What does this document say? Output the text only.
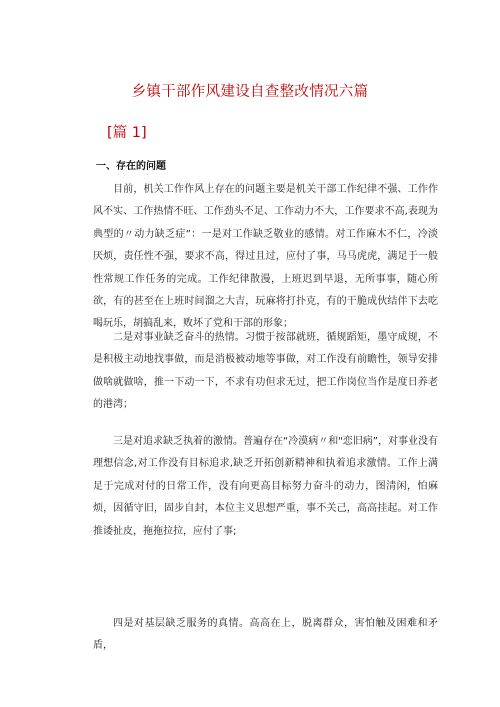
乡镇干部作风建设自查整改情况六篇
[篇 1]
一、存在的问题

目前，机关工作作风上存在的问题主要是机关干部工作纪律不强、工作作风不实、工作热情不旺、工作劲头不足、工作动力不大，工作要求不高,表现为典型的〃动力缺乏症”：一是对工作缺乏敬业的感情。对工作麻木不仁，冷淡厌烦，责任性不强，要求不高，得过且过，应付了事，马马虎虎，满足于一般性常规工作任务的完成。工作纪律散漫，上班迟到早退，无所事事，随心所欲，有的甚至在上班时间溜之大吉，玩麻将打扑克，有的干脆成伙结伴下去吃喝玩乐，胡搞乱来，败坏了党和干部的形象；

二是对事业缺乏奋斗的热情。习惯于按部就班，循规蹈矩，墨守成规，不是积极主动地找事做，而是消极被动地等事做，对工作没有前瞻性，领导安排做啥就做啥，推一下动一下，不求有功但求无过，把工作岗位当作是度日养老的港湾；

三是对追求缺乏执着的激情。普遍存在“冷漠病〃和"恋旧病”，对事业没有理想信念,对工作没有目标追求,缺乏开拓创新精神和执着追求激情。工作上满足于完成对付的日常工作，没有向更高目标努力奋斗的动力，图清闲，怕麻烦，因循守旧，固步自封，本位主义思想严重，事不关己，高高挂起。对工作推诿扯皮，拖拖拉拉，应付了事;

四是对基层缺乏服务的真情。高高在上，脱离群众，害怕触及困难和矛盾，
